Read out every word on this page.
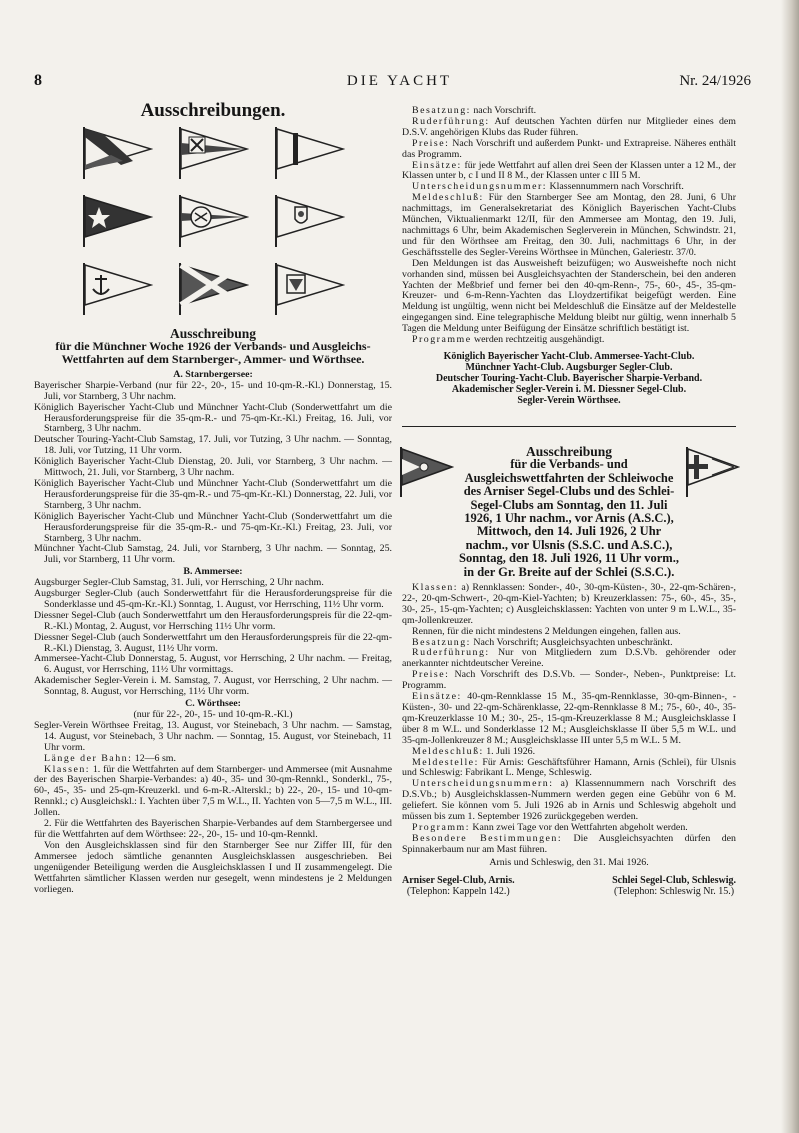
8	DIE YACHT	Nr. 24/1926
Ausschreibungen.
Ausschreibung
für die Münchner Woche 1926 der Verbands- und Ausgleichs-Wettfahrten auf dem Starnberger-, Ammer- und Wörthsee.
A. Starnbergersee:
Bayerischer Sharpie-Verband (nur für 22-, 20-, 15- und 10-qm-R.-Kl.) Donnerstag, 15. Juli, vor Starnberg, 3 Uhr nachm.
Königlich Bayerischer Yacht-Club und Münchner Yacht-Club (Sonderwettfahrt um die Herausforderungspreise für die 35-qm-R.- und 75-qm-Kr.-Kl.) Freitag, 16. Juli, vor Starnberg, 3 Uhr nachm.
Deutscher Touring-Yacht-Club Samstag, 17. Juli, vor Tutzing, 3 Uhr nachm. — Sonntag, 18. Juli, vor Tutzing, 11 Uhr vorm.
Königlich Bayerischer Yacht-Club Dienstag, 20. Juli, vor Starnberg, 3 Uhr nachm. — Mittwoch, 21. Juli, vor Starnberg, 3 Uhr nachm.
Königlich Bayerischer Yacht-Club und Münchner Yacht-Club (Sonderwettfahrt um die Herausforderungspreise für die 35-qm-R.- und 75-qm-Kr.-Kl.) Donnerstag, 22. Juli, vor Starnberg, 3 Uhr nachm.
Königlich Bayerischer Yacht-Club und Münchner Yacht-Club (Sonderwettfahrt um die Herausforderungspreise für die 35-qm-R.- und 75-qm-Kr.-Kl.) Freitag, 23. Juli, vor Starnberg, 3 Uhr nachm.
Münchner Yacht-Club Samstag, 24. Juli, vor Starnberg, 3 Uhr nachm. — Sonntag, 25. Juli, vor Starnberg, 11 Uhr vorm.
B. Ammersee:
Augsburger Segler-Club Samstag, 31. Juli, vor Herrsching, 2 Uhr nachm.
Augsburger Segler-Club (auch Sonderwettfahrt für die Herausforderungspreise für die Sonderklasse und 45-qm-Kr.-Kl.) Sonntag, 1. August, vor Herrsching, 11½ Uhr vorm.
Diessner Segel-Club (auch Sonderwettfahrt um den Herausforderungspreis für die 22-qm-R.-Kl.) Montag, 2. August, vor Herrsching 11½ Uhr vorm.
Diessner Segel-Club (auch Sonderwettfahrt um den Herausforderungspreis für die 22-qm-R.-Kl.) Dienstag, 3. August, 11½ Uhr vorm.
Ammersee-Yacht-Club Donnerstag, 5. August, vor Herrsching, 2 Uhr nachm. — Freitag, 6. August, vor Herrsching, 11½ Uhr vormittags.
Akademischer Segler-Verein i. M. Samstag, 7. August, vor Herrsching, 2 Uhr nachm. — Sonntag, 8. August, vor Herrsching, 11½ Uhr vorm.
C. Wörthsee:
(nur für 22-, 20-, 15- und 10-qm-R.-Kl.)
Segler-Verein Wörthsee Freitag, 13. August, vor Steinebach, 3 Uhr nachm. — Samstag, 14. August, vor Steinebach, 3 Uhr nachm. — Sonntag, 15. August, vor Steinebach, 11 Uhr vorm.
Länge der Bahn: 12—6 sm.
Klassen: 1. für die Wettfahrten auf dem Starnberger- und Ammersee (mit Ausnahme der des Bayerischen Sharpie-Verbandes: a) 40-, 35- und 30-qm-Rennkl., Sonderkl., 75-, 60-, 45-, 35- und 25-qm-Kreuzerkl. und 6-m-R.-Alterskl.; b) 22-, 20-, 15- und 10-qm-Rennkl.; c) Ausgleichskl.: I. Yachten über 7,5 m W.L., II. Yachten von 5—7,5 m W.L., III. Jollen.
2. Für die Wettfahrten des Bayerischen Sharpie-Verbandes auf dem Starnbergersee und für die Wettfahrten auf dem Wörthsee: 22-, 20-, 15- und 10-qm-Rennkl.
Von den Ausgleichsklassen sind für den Starnberger See nur Ziffer III, für den Ammersee jedoch sämtliche genannten Ausgleichsklassen ausgeschrieben. Bei ungenügender Beteiligung werden die Ausgleichsklassen I und II zusammengelegt. Die Wettfahrten sämtlicher Klassen werden nur gesegelt, wenn mindestens je 2 Meldungen vorliegen.
Besatzung: nach Vorschrift.
Ruderführung: Auf deutschen Yachten dürfen nur Mitglieder eines dem D.S.V. angehörigen Klubs das Ruder führen.
Preise: Nach Vorschrift und außerdem Punkt- und Extrapreise. Näheres enthält das Programm.
Einsätze: für jede Wettfahrt auf allen drei Seen der Klassen unter a 12 M., der Klassen unter b, c I und II 8 M., der Klassen unter c III 5 M.
Unterscheidungsnummer: Klassennummern nach Vorschrift.
Meldeschluß: Für den Starnberger See am Montag, den 28. Juni, 6 Uhr nachmittags, im Generalsekretariat des Königlich Bayerischen Yacht-Clubs München, Viktualienmarkt 12/II, für den Ammersee am Montag, den 19. Juli, nachmittags 6 Uhr, beim Akademischen Seglerverein in München, Schwindstr. 21, und für den Wörthsee am Freitag, den 30. Juli, nachmittags 6 Uhr, in der Geschäftsstelle des Segler-Vereins Wörthsee in München, Galeriestr. 37/0.
Den Meldungen ist das Ausweisheft beizufügen; wo Ausweishefte noch nicht vorhanden sind, müssen bei Ausgleichsyachten der Standerschein, bei den anderen Yachten der Meßbrief und ferner bei den 40-qm-Renn-, 75-, 60-, 45-, 35-qm-Kreuzer- und 6-m-Renn-Yachten das Lloydzertifikat beigefügt werden. Eine Meldung ist ungültig, wenn nicht bei Meldeschluß die Einsätze auf der Meldestelle eingegangen sind. Eine telegraphische Meldung bleibt nur gültig, wenn innerhalb 5 Tagen die Meldung unter Beifügung der Einsätze schriftlich bestätigt ist.
Programme werden rechtzeitig ausgehändigt.
Königlich Bayerischer Yacht-Club. Ammersee-Yacht-Club.
Münchner Yacht-Club. Augsburger Segler-Club.
Deutscher Touring-Yacht-Club. Bayerischer Sharpie-Verband.
Akademischer Segler-Verein i. M. Diessner Segel-Club.
Segler-Verein Wörthsee.
Ausschreibung
für die Verbands- und Ausgleichswettfahrten der Schleiwoche des Arniser Segel-Clubs und des Schlei-Segel-Clubs am Sonntag, den 11. Juli 1926, 1 Uhr nachm., vor Arnis (A.S.C.), Mittwoch, den 14. Juli 1926, 2 Uhr nachm., vor Ulsnis (S.S.C. und A.S.C.), Sonntag, den 18. Juli 1926, 11 Uhr vorm., in der Gr. Breite auf der Schlei (S.S.C.).
Klassen: a) Rennklassen: Sonder-, 40-, 30-qm-Küsten-, 30-, 22-qm-Schären-, 22-, 20-qm-Schwert-, 20-qm-Kiel-Yachten; b) Kreuzerklassen: 75-, 60-, 45-, 35-, 30-, 25-, 15-qm-Yachten; c) Ausgleichsklassen: Yachten von unter 9 m L.W.L., 35-qm-Jollenkreuzer.
Rennen, für die nicht mindestens 2 Meldungen eingehen, fallen aus.
Besatzung: Nach Vorschrift; Ausgleichsyachten unbeschränkt.
Ruderführung: Nur von Mitgliedern zum D.S.Vb. gehörender oder anerkannter nichtdeutscher Vereine.
Preise: Nach Vorschrift des D.S.Vb. — Sonder-, Neben-, Punktpreise: Lt. Programm.
Einsätze: 40-qm-Rennklasse 15 M., 35-qm-Rennklasse, 30-qm-Binnen-, -Küsten-, 30- und 22-qm-Schärenklasse, 22-qm-Rennklasse 8 M.; 75-, 60-, 40-, 35-qm-Kreuzerklasse 10 M.; 30-, 25-, 15-qm-Kreuzerklasse 8 M.; Ausgleichsklasse I über 8 m W.L. und Sonderklasse 12 M.; Ausgleichsklasse II über 5,5 m W.L. und 35-qm-Jollenkreuzer 8 M.; Ausgleichsklasse III unter 5,5 m W.L. 5 M.
Meldeschluß: 1. Juli 1926.
Meldestelle: Für Arnis: Geschäftsführer Hamann, Arnis (Schlei), für Ulsnis und Schleswig: Fabrikant L. Menge, Schleswig.
Unterscheidungsnummern: a) Klassennummern nach Vorschrift des D.S.Vb.; b) Ausgleichsklassen-Nummern werden gegen eine Gebühr von 6 M. geliefert. Sie können vom 5. Juli 1926 ab in Arnis und Schleswig abgeholt und müssen bis zum 1. September 1926 zurückgegeben werden.
Programm: Kann zwei Tage vor den Wettfahrten abgeholt werden.
Besondere Bestimmungen: Die Ausgleichsyachten dürfen den Spinnakerbaum nur am Mast führen.
Arnis und Schleswig, den 31. Mai 1926.
Arniser Segel-Club, Arnis.
(Telephon: Kappeln 142.)
Schlei Segel-Club, Schleswig.
(Telephon: Schleswig Nr. 15.)
